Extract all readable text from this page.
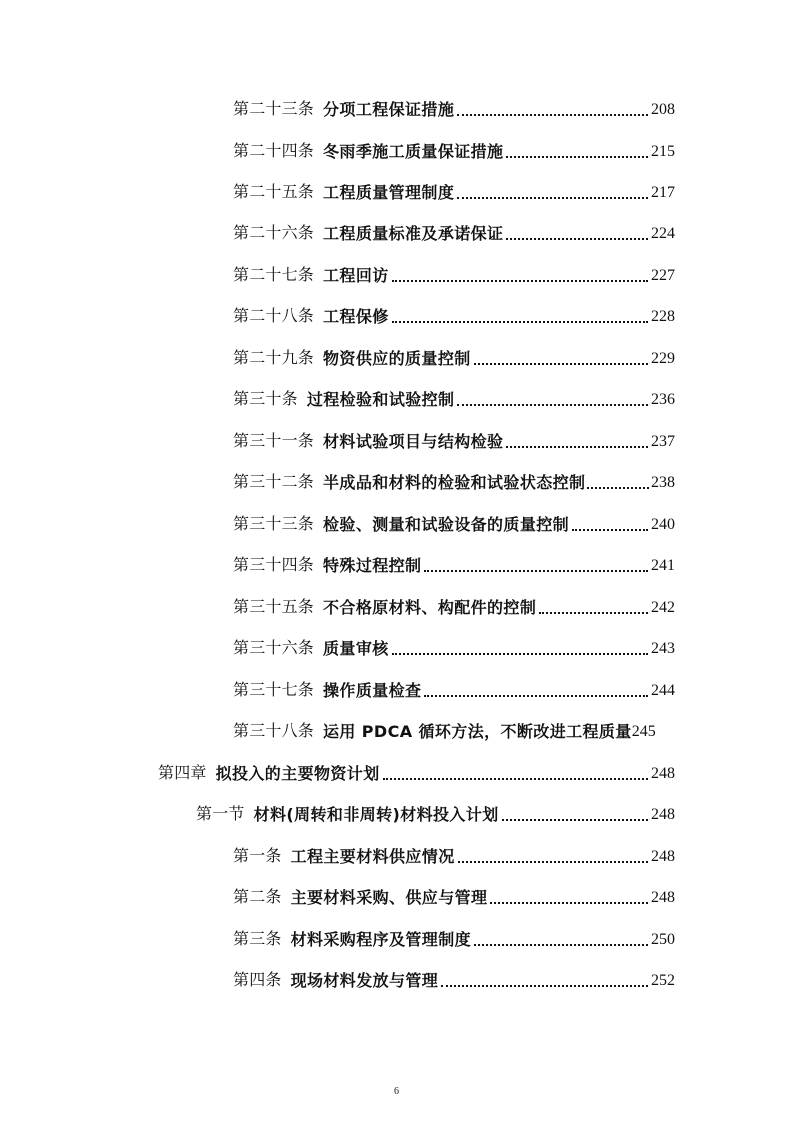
第二十三条 分项工程保证措施	208
第二十四条 冬雨季施工质量保证措施	215
第二十五条 工程质量管理制度	217
第二十六条 工程质量标准及承诺保证	224
第二十七条 工程回访	227
第二十八条 工程保修	228
第二十九条 物资供应的质量控制	229
第三十条 过程检验和试验控制	236
第三十一条 材料试验项目与结构检验	237
第三十二条 半成品和材料的检验和试验状态控制	238
第三十三条 检验、测量和试验设备的质量控制	240
第三十四条 特殊过程控制	241
第三十五条 不合格原材料、构配件的控制	242
第三十六条 质量审核	243
第三十七条 操作质量检查	244
第三十八条 运用 PDCA 循环方法，不断改进工程质量 245
第四章 拟投入的主要物资计划	248
第一节 材料(周转和非周转)材料投入计划	248
第一条 工程主要材料供应情况	248
第二条 主要材料采购、供应与管理	248
第三条 材料采购程序及管理制度	250
第四条 现场材料发放与管理	252
6
